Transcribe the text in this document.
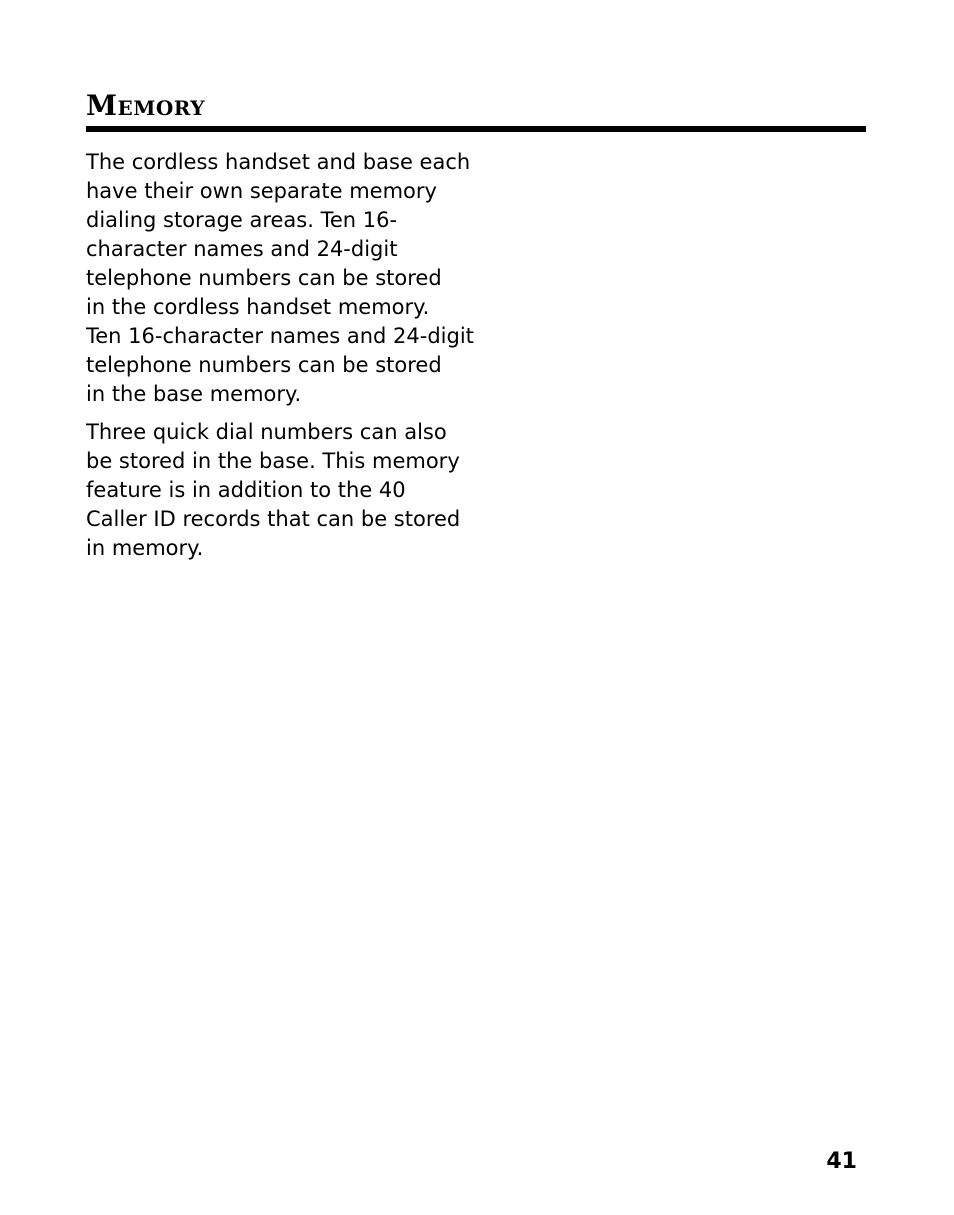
Memory

The cordless handset and base each
have their own separate memory
dialing storage areas. Ten 16-
character names and 24-digit
telephone numbers can be stored
in the cordless handset memory.
Ten 16-character names and 24-digit
telephone numbers can be stored
in the base memory.

Three quick dial numbers can also
be stored in the base. This memory
feature is in addition to the 40
Caller ID records that can be stored
in memory.

41
